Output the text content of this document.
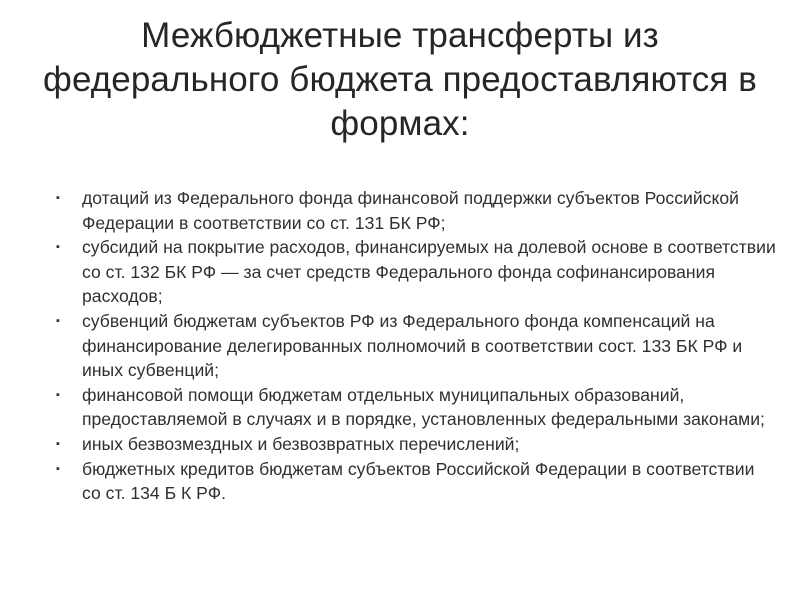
Межбюджетные трансферты из федерального бюджета предоставляются в формах:
▪ дотаций из Федерального фонда финансовой поддержки субъектов Российской Федерации в соответствии со ст. 131 БК РФ;
▪ субсидий на покрытие расходов, финансируемых на долевой основе в соответствии со ст. 132 БК РФ — за счет средств Федерального фонда софинансирования расходов;
▪ субвенций бюджетам субъектов РФ из Федерального фонда компенсаций на финансирование делегированных полномочий в соответствии сост. 133 БК РФ и иных субвенций;
▪ финансовой помощи бюджетам отдельных муниципальных образований, предоставляемой в случаях и в порядке, установленных федеральными законами;
▪ иных безвозмездных и безвозвратных перечислений;
▪ бюджетных кредитов бюджетам субъектов Российской Федерации в соответствии со ст. 134 Б К РФ.
